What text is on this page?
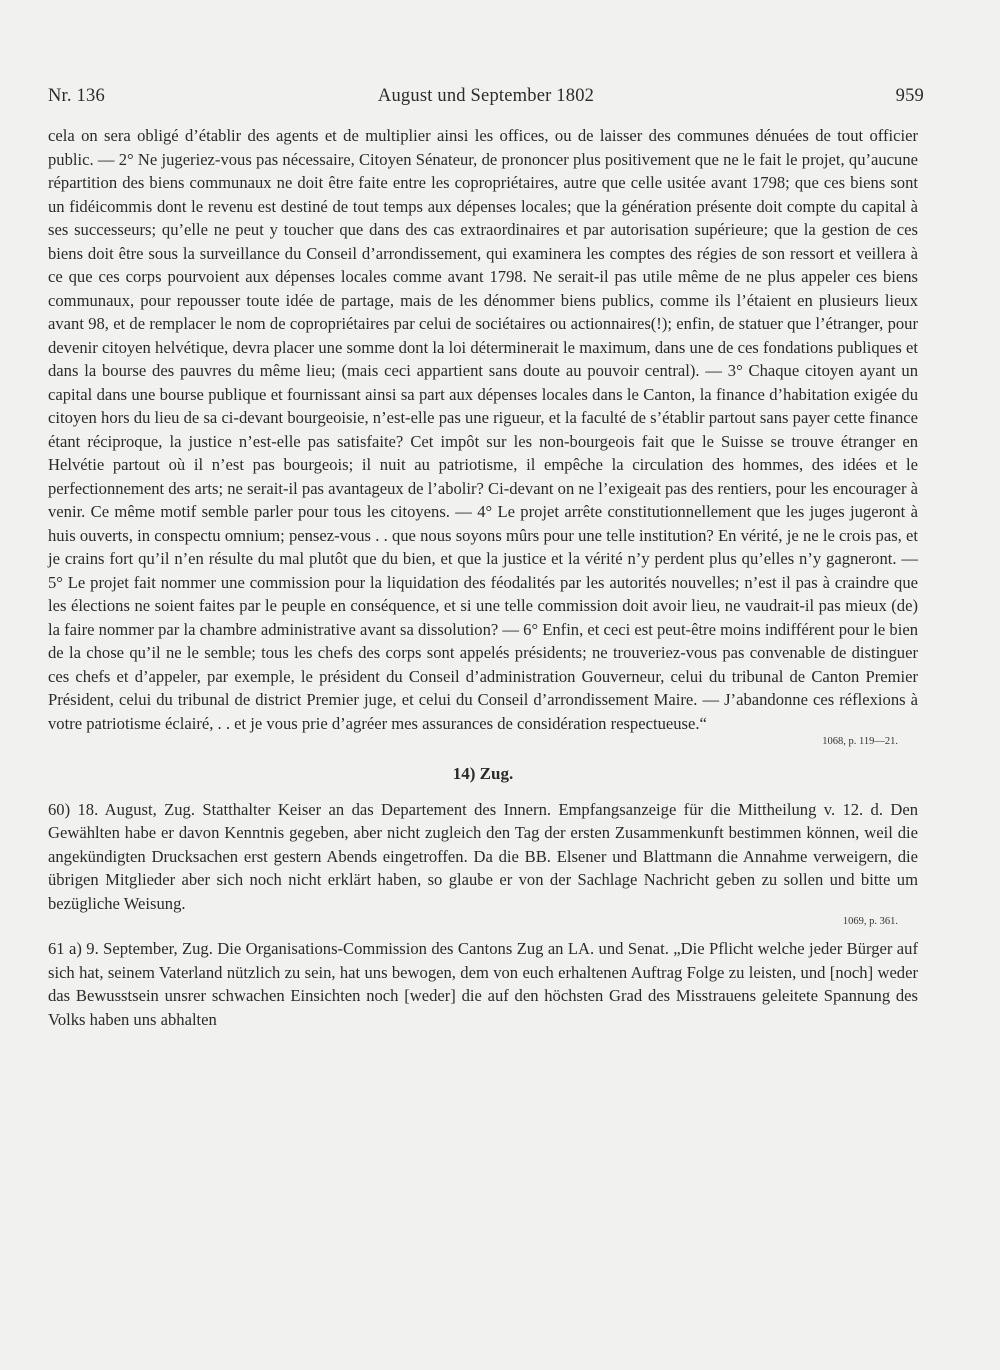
Nr. 136	August und September 1802	959

cela on sera obligé d’établir des agents et de multiplier ainsi les offices, ou de laisser des communes dénuées de tout officier public. — 2° Ne jugeriez-vous pas nécessaire, Citoyen Sénateur, de prononcer plus positivement que ne le fait le projet, qu’aucune répartition des biens communaux ne doit être faite entre les copropriétaires, autre que celle usitée avant 1798; que ces biens sont un fidéicommis dont le revenu est destiné de tout temps aux dépenses locales; que la génération présente doit compte du capital à ses successeurs; qu’elle ne peut y toucher que dans des cas extraordinaires et par autorisation supérieure; que la gestion de ces biens doit être sous la surveillance du Conseil d’arrondissement, qui examinera les comptes des régies de son ressort et veillera à ce que ces corps pourvoient aux dépenses locales comme avant 1798. Ne serait-il pas utile même de ne plus appeler ces biens communaux, pour repousser toute idée de partage, mais de les dénommer biens publics, comme ils l’étaient en plusieurs lieux avant 98, et de remplacer le nom de copropriétaires par celui de sociétaires ou actionnaires(!); enfin, de statuer que l’étranger, pour devenir citoyen helvétique, devra placer une somme dont la loi déterminerait le maximum, dans une de ces fondations publiques et dans la bourse des pauvres du même lieu; (mais ceci appartient sans doute au pouvoir central). — 3° Chaque citoyen ayant un capital dans une bourse publique et fournissant ainsi sa part aux dépenses locales dans le Canton, la finance d’habitation exigée du citoyen hors du lieu de sa ci-devant bourgeoisie, n’est-elle pas une rigueur, et la faculté de s’établir partout sans payer cette finance étant réciproque, la justice n’est-elle pas satisfaite? Cet impôt sur les non-bourgeois fait que le Suisse se trouve étranger en Helvétie partout où il n’est pas bourgeois; il nuit au patriotisme, il empêche la circulation des hommes, des idées et le perfectionnement des arts; ne serait-il pas avantageux de l’abolir? Ci-devant on ne l’exigeait pas des rentiers, pour les encourager à venir. Ce même motif semble parler pour tous les citoyens. — 4° Le projet arrête constitutionnellement que les juges jugeront à huis ouverts, in conspectu omnium; pensez-vous . . que nous soyons mûrs pour une telle institution? En vérité, je ne le crois pas, et je crains fort qu’il n’en résulte du mal plutôt que du bien, et que la justice et la vérité n’y perdent plus qu’elles n’y gagneront. — 5° Le projet fait nommer une commission pour la liquidation des féodalités par les autorités nouvelles; n’est il pas à craindre que les élections ne soient faites par le peuple en conséquence, et si une telle commission doit avoir lieu, ne vaudrait-il pas mieux (de) la faire nommer par la chambre administrative avant sa dissolution? — 6° Enfin, et ceci est peut-être moins indifférent pour le bien de la chose qu’il ne le semble; tous les chefs des corps sont appelés présidents; ne trouveriez-vous pas convenable de distinguer ces chefs et d’appeler, par exemple, le président du Conseil d’administration Gouverneur, celui du tribunal de Canton Premier Président, celui du tribunal de district Premier juge, et celui du Conseil d’arrondissement Maire. — J’abandonne ces réflexions à votre patriotisme éclairé, . . et je vous prie d’agréer mes assurances de considération respectueuse.“

1068, p. 119—21.
14) Zug.

60) 18. August, Zug. Statthalter Keiser an das Departement des Innern. Empfangsanzeige für die Mittheilung v. 12. d. Den Gewählten habe er davon Kenntnis gegeben, aber nicht zugleich den Tag der ersten Zusammenkunft bestimmen können, weil die angekündigten Drucksachen erst gestern Abends eingetroffen. Da die BB. Elsener und Blattmann die Annahme verweigern, die übrigen Mitglieder aber sich noch nicht erklärt haben, so glaube er von der Sachlage Nachricht geben zu sollen und bitte um bezügliche Weisung.

1069, p. 361.

61 a) 9. September, Zug. Die Organisations-Commission des Cantons Zug an LA. und Senat. „Die Pflicht welche jeder Bürger auf sich hat, seinem Vaterland nützlich zu sein, hat uns bewogen, dem von euch erhaltenen Auftrag Folge zu leisten, und [noch] weder das Bewusstsein unsrer schwachen Einsichten noch [weder] die auf den höchsten Grad des Misstrauens geleitete Spannung des Volks haben uns abhalten
